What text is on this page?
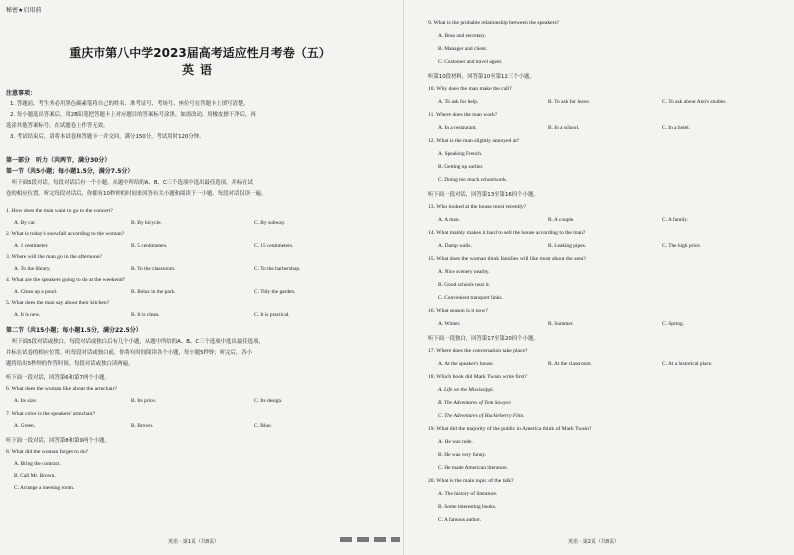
秘密★启用前
重庆市第八中学2023届高考适应性月考卷（五）
英语
注意事项：
1. 答题前，考生务必用黑色碳素笔将自己的姓名、准考证号、考场号、座位号在答题卡上填写清楚。
2. 每小题选出答案后，用2B铅笔把答题卡上对应题目的答案标号涂黑。如需改动，用橡皮擦干净后，再
选涂其他答案标号。在试题卷上作答无效。
3. 考试结束后，请将本试卷和答题卡一并交回。满分150分，考试用时120分钟。
第一部分　听力（共两节，满分30分）
第一节（共5小题；每小题1.5分，满分7.5分）
听下面5段对话。每段对话后有一个小题，从题中所给的A、B、C三个选项中选出最佳选项，并标在试
卷的相应位置。听完每段对话后，你都有10秒钟的时间来回答有关小题和阅读下一小题。每段对话仅读一遍。
1. How does the man want to go to the concert?
A. By car.	B. By bicycle.	C. By subway.
2. What is today's snowfall according to the woman?
A. 1 centimeter.	B. 5 centimeters.	C. 15 centimeters.
3. Where will the man go in the afternoon?
A. To the library.	B. To the classroom.	C. To the barbershop.
4. What are the speakers going to do at the weekend?
A. Clean up a pond.	B. Relax in the park.	C. Tidy the garden.
5. What does the man say about their kitchen?
A. It is new.	B. It is clean.	C. It is practical.
第二节（共15小题；每小题1.5分，满分22.5分）
听下面5段对话或独白。每段对话或独白后有几个小题，从题中所给的A、B、C三个选项中选出最佳选项，
并标在试卷的相应位置。听每段对话或独白前，你将有时间阅读各个小题，每小题5秒钟；听完后，各小
题将给出5秒钟的作答时间。每段对话或独白读两遍。
听下面一段对话，回答第6和第7两个小题。
6. What does the woman like about the armchair?
A. Its size.	B. Its price.	C. Its design.
7. What color is the speakers' armchair?
A. Green.	B. Brown.	C. Blue.
听下面一段对话，回答第8和第9两个小题。
8. What did the woman forget to do?
A. Bring the contract.
B. Call Mr. Brown.
C. Arrange a meeting room.
英语 · 第1页（共8页）
9. What is the probable relationship between the speakers?
A. Boss and secretary.
B. Manager and client.
C. Customer and travel agent.
听第10段材料，回答第10至第12三个小题。
10. Why does the man make the call?
A. To ask for help.	B. To ask for leave.	C. To ask about Ann's studies.
11. Where does the man work?
A. In a restaurant.	B. In a school.	C. In a hotel.
12. What is the man slightly annoyed at?
A. Speaking French.
B. Getting up earlier.
C. Doing too much schoolwork.
听下面一段对话，回答第13至第16四个小题。
13. Who looked at the house most recently?
A. A man.	B. A couple.	C. A family.
14. What mainly makes it hard to sell the house according to the man?
A. Damp walls.	B. Leaking pipes.	C. The high price.
15. What does the woman think families will like most about the area?
A. Nice scenery nearby.
B. Good schools near it.
C. Convenient transport links.
16. What season is it now?
A. Winter.	B. Summer.	C. Spring.
听下面一段独白，回答第17至第20四个小题。
17. Where does the conversation take place?
A. At the speaker's house.	B. At the classroom.	C. At a historical place.
18. Which book did Mark Twain write first?
A. Life on the Mississippi.
B. The Adventures of Tom Sawyer.
C. The Adventures of Huckleberry Finn.
19. What did the majority of the public in America think of Mark Twain?
A. He was rude.
B. He was very funny.
C. He made American literature.
20. What is the main topic of the talk?
A. The history of literature.
B. Some interesting books.
C. A famous author.
英语 · 第2页（共8页）
